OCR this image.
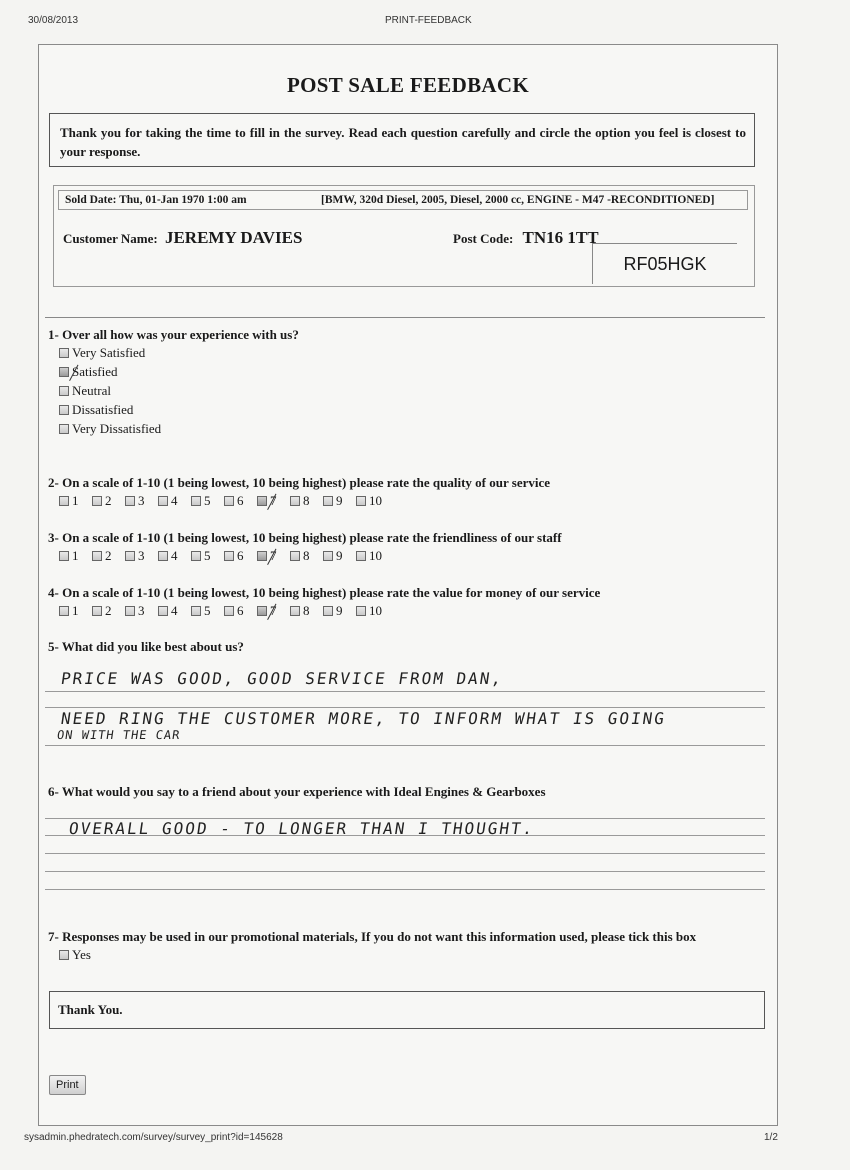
30/08/2013	PRINT-FEEDBACK
POST SALE FEEDBACK
Thank you for taking the time to fill in the survey. Read each question carefully and circle the option you feel is closest to your response.
Sold Date: Thu, 01-Jan 1970 1:00 am	[BMW, 320d Diesel, 2005, Diesel, 2000 cc, ENGINE - M47 -RECONDITIONED]
Customer Name: JEREMY DAVIES	Post Code: TN16 1TT
RF05HGK
1- Over all how was your experience with us?
Very Satisfied
Satisfied
Neutral
Dissatisfied
Very Dissatisfied
2- On a scale of 1-10 (1 being lowest, 10 being highest) please rate the quality of our service
1 2 3 4 5 6 7 8 9 10
3- On a scale of 1-10 (1 being lowest, 10 being highest) please rate the friendliness of our staff
1 2 3 4 5 6 7 8 9 10
4- On a scale of 1-10 (1 being lowest, 10 being highest) please rate the value for money of our service
1 2 3 4 5 6 7 8 9 10
5- What did you like best about us?
PRICE WAS GOOD, GOOD SERVICE FROM DAN,
NEED RING THE CUSTOMER MORE, TO INFORM WHAT IS GOING
ON WITH THE CAR
6- What would you say to a friend about your experience with Ideal Engines & Gearboxes
OVERALL GOOD - TO LONGER THAN I THOUGHT.
7- Responses may be used in our promotional materials, If you do not want this information used, please tick this box
Yes
Thank You.
Print
sysadmin.phedratech.com/survey/survey_print?id=145628	1/2
